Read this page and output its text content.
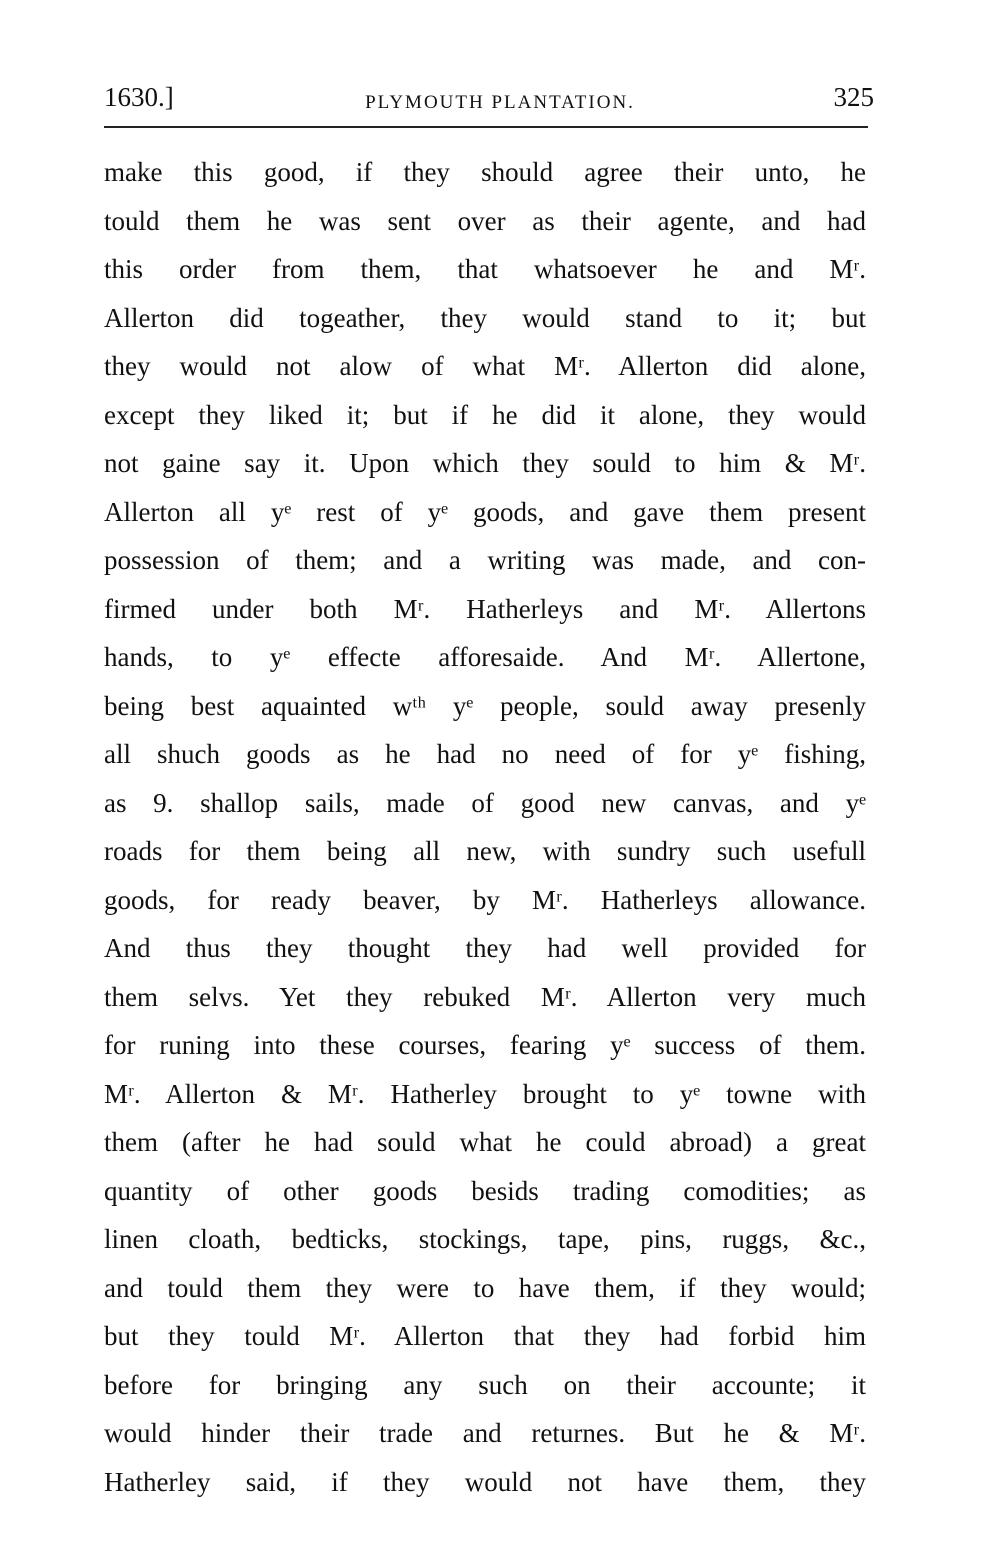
1630.]	PLYMOUTH PLANTATION.	325
make this good, if they should agree their unto, he
tould them he was sent over as their agente, and had
this order from them, that whatsoever he and Mʳ.
Allerton did togeather, they would stand to it; but
they would not alow of what Mʳ. Allerton did alone,
except they liked it; but if he did it alone, they would
not gaine say it. Upon which they sould to him & Mʳ.
Allerton all yᵉ rest of yᵉ goods, and gave them present
possession of them; and a writing was made, and con-
firmed under both Mʳ. Hatherleys and Mʳ. Allertons
hands, to yᵉ effecte afforesaide. And Mʳ. Allertone,
being best aquainted wᵗʰ yᵉ people, sould away presenly
all shuch goods as he had no need of for yᵉ fishing,
as 9. shallop sails, made of good new canvas, and yᵉ
roads for them being all new, with sundry such usefull
goods, for ready beaver, by Mʳ. Hatherleys allowance.
And thus they thought they had well provided for
them selvs. Yet they rebuked Mʳ. Allerton very much
for runing into these courses, fearing yᵉ success of them.
Mʳ. Allerton & Mʳ. Hatherley brought to yᵉ towne with
them (after he had sould what he could abroad) a great
quantity of other goods besids trading comodities; as
linen cloath, bedticks, stockings, tape, pins, ruggs, &c.,
and tould them they were to have them, if they would;
but they tould Mʳ. Allerton that they had forbid him
before for bringing any such on their accounte; it
would hinder their trade and returnes. But he & Mʳ.
Hatherley said, if they would not have them, they
